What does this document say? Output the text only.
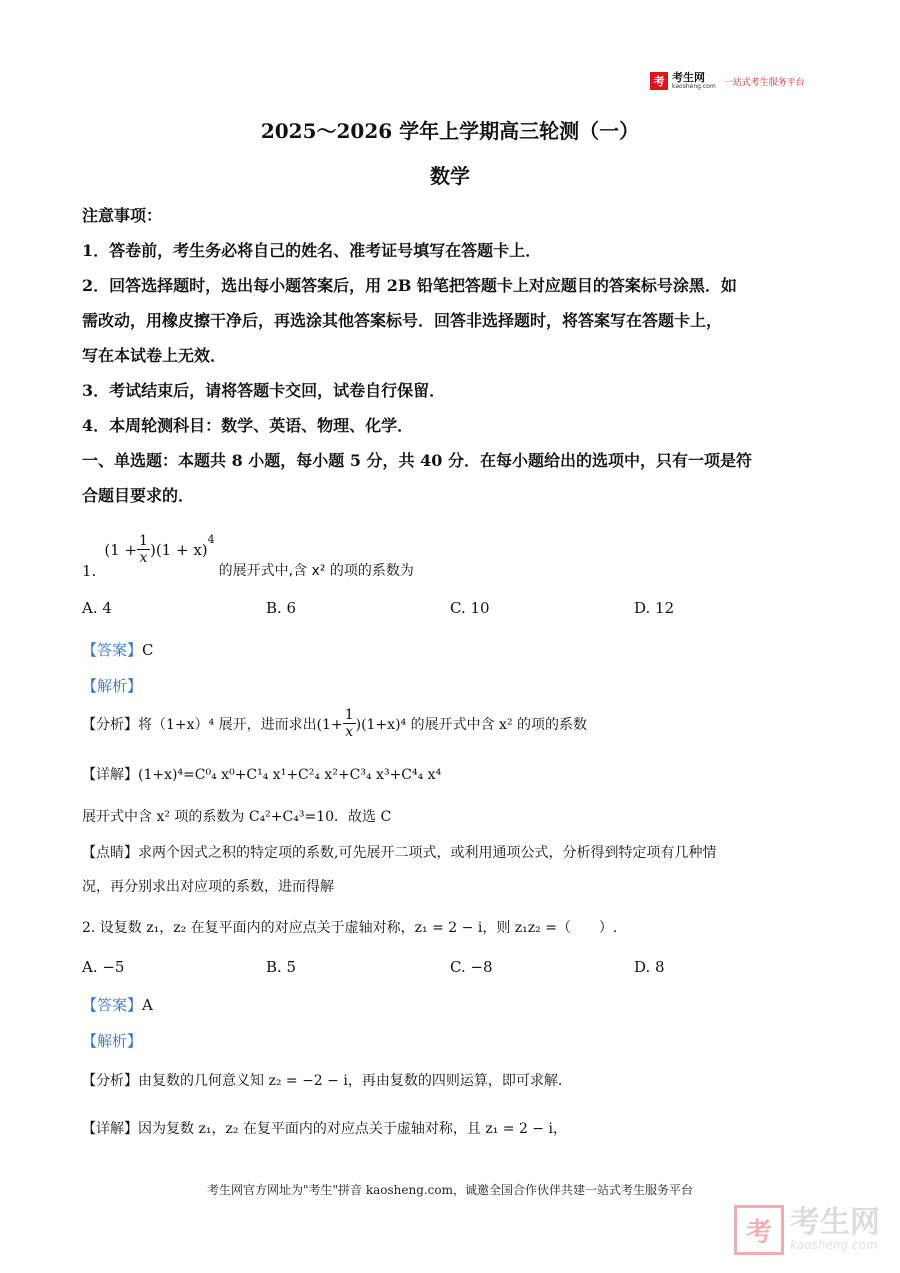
考 考生网
kaosheng.com 一站式考生服务平台
2025～2026 学年上学期高三轮测（一）
数学
注意事项：
1．答卷前，考生务必将自己的姓名、准考证号填写在答题卡上．
2．回答选择题时，选出每小题答案后，用 2B 铅笔把答题卡上对应题目的答案标号涂黑．如
需改动，用橡皮擦干净后，再选涂其他答案标号．回答非选择题时，将答案写在答题卡上，
写在本试卷上无效．
3．考试结束后，请将答题卡交回，试卷自行保留．
4．本周轮测科目：数学、英语、物理、化学．
一、单选题：本题共 8 小题，每小题 5 分，共 40 分．在每小题给出的选项中，只有一项是符
合题目要求的．
1.
$(1 + \frac{1}{x} )(1 + x)$
$^4$
的展开式中,含 x² 的项的系数为
A. 4	B. 6	C. 10	D. 12
【答案】C
【解析】
【分析】 将（1+x）⁴ 展开，进而求出$(1+ \frac{1}{x} )(1+x)^4$ 的展开式中含 x² 的项的系数
【详解】(1+x)⁴=C⁰₄ x⁰+C¹₄ x¹+C²₄ x²+C³₄ x³+C⁴₄ x⁴
展开式中含 x² 项的系数为 C₄²+C₄³=10．故选 C
【点睛】求两个因式之积的特定项的系数,可先展开二项式，或利用通项公式，分析得到特定项有几种情
况，再分别求出对应项的系数，进而得解
2. 设复数 z₁，z₂ 在复平面内的对应点关于虚轴对称，z₁ = 2 − i，则 z₁z₂ =（　　）.
A. −5	B. 5	C. −8	D. 8
【答案】A
【解析】
【分析】由复数的几何意义知 z₂ = −2 − i，再由复数的四则运算，即可求解．
【详解】因为复数 z₁，z₂ 在复平面内的对应点关于虚轴对称，且 z₁ = 2 − i，
考生网官方网址为"考生"拼音 kaosheng.com，诚邀全国合作伙伴共建一站式考生服务平台
考 考生网
kaosheng.com
